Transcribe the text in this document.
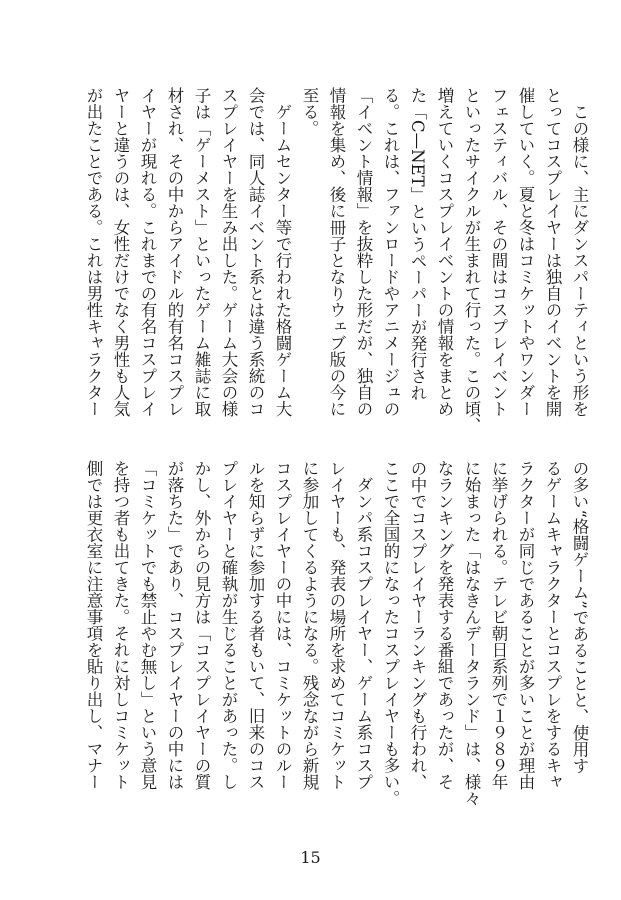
　この様に、主にダンスパーティという形を
とってコスプレイヤーは独自のイベントを開
催していく。夏と冬はコミケットやワンダー
フェスティバル、その間はコスプレイベント
といったサイクルが生まれて行った。この頃、
増えていくコスプレイベントの情報をまとめ
た「C—NET」というペーパーが発行され
る。これは、ファンロードやアニメージュの
「イベント情報」を抜粋した形だが、独自の
情報を集め、後に冊子となりウェブ版の今に
至る。
　ゲームセンター等で行われた格闘ゲーム大
会では、同人誌イベント系とは違う系統のコ
スプレイヤーを生み出した。ゲーム大会の様
子は「ゲーメスト」といったゲーム雑誌に取
材され、その中からアイドル的有名コスプレ
イヤーが現れる。これまでの有名コスプレイ
ヤーと違うのは、女性だけでなく男性も人気
が出たことである。これは男性キャラクター
の多い“格闘ゲーム”であることと、使用す
るゲームキャラクターとコスプレをするキャ
ラクターが同じであることが多いことが理由
に挙げられる。テレビ朝日系列で１９８９年
に始まった「はなきんデータランド」は、様々
なランキングを発表する番組であったが、そ
の中でコスプレイヤーランキングも行われ、
ここで全国的になったコスプレイヤーも多い。
　ダンパ系コスプレイヤー、ゲーム系コスプ
レイヤーも、発表の場所を求めてコミケット
に参加してくるようになる。残念ながら新規
コスプレイヤーの中には、コミケットのルー
ルを知らずに参加する者もいて、旧来のコス
プレイヤーと確執が生じることがあった。し
かし、外からの見方は「コスプレイヤーの質
が落ちた」であり、コスプレイヤーの中には
「コミケットでも禁止やむ無し」という意見
を持つ者も出てきた。それに対しコミケット
側では更衣室に注意事項を貼り出し、マナー
15
